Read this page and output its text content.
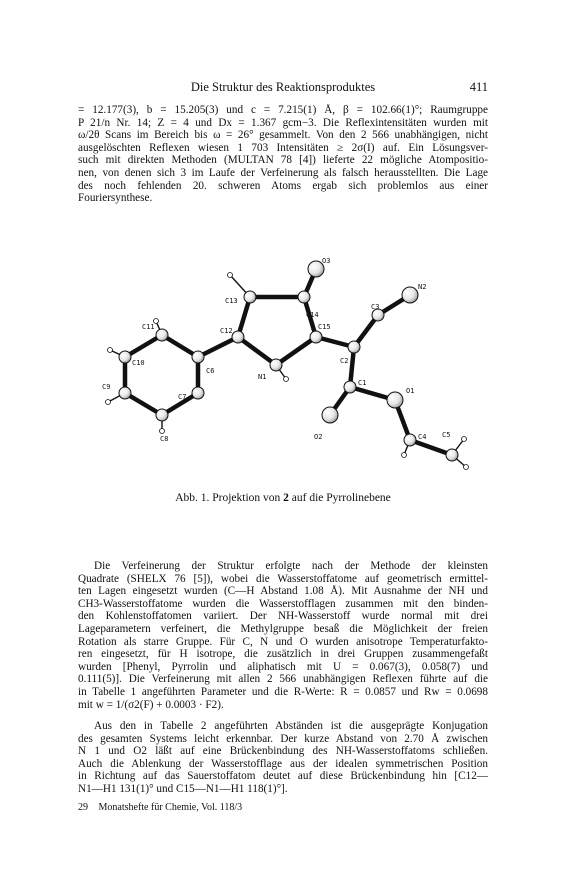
Die Struktur des Reaktionsproduktes	411

= 12.177(3), b = 15.205(3) und c = 7.215(1) Å, β = 102.66(1)°; Raumgruppe
P 21/n Nr. 14; Z = 4 und Dx = 1.367 gcm−3. Die Reflexintensitäten wurden mit
ω/2θ Scans im Bereich bis ω = 26° gesammelt. Von den 2 566 unabhängigen, nicht
ausgelöschten Reflexen wiesen 1 703 Intensitäten ≥ 2σ(I) auf. Ein Lösungsver-
such mit direkten Methoden (MULTAN 78 [4]) lieferte 22 mögliche Atompositio-
nen, von denen sich 3 im Laufe der Verfeinerung als falsch herausstellten. Die Lage
des noch fehlenden 20. schweren Atoms ergab sich problemlos aus einer
Fouriersynthese.

O3
N2
C13
C14
C3
C11	C12	C15
C2
C10
C6
N1
C1
O1
C9
C7
C4
C8	O2	C5
Abb. 1. Projektion von 2 auf die Pyrrolinebene

Die Verfeinerung der Struktur erfolgte nach der Methode der kleinsten
Quadrate (SHELX 76 [5]), wobei die Wasserstoffatome auf geometrisch ermittel-
ten Lagen eingesetzt wurden (C—H Abstand 1.08 Å). Mit Ausnahme der NH und
CH3-Wasserstoffatome wurden die Wasserstofflagen zusammen mit den binden-
den Kohlenstoffatomen variiert. Der NH-Wasserstoff wurde normal mit drei
Lageparametern verfeinert, die Methylgruppe besaß die Möglichkeit der freien
Rotation als starre Gruppe. Für C, N und O wurden anisotrope Temperaturfakto-
ren eingesetzt, für H isotrope, die zusätzlich in drei Gruppen zusammengefaßt
wurden [Phenyl, Pyrrolin und aliphatisch mit U = 0.067(3), 0.058(7) und
0.111(5)]. Die Verfeinerung mit allen 2 566 unabhängigen Reflexen führte auf die
in Tabelle 1 angeführten Parameter und die R-Werte: R = 0.0857 und Rw = 0.0698
mit w = 1/(σ2(F) + 0.0003 · F2).

Aus den in Tabelle 2 angeführten Abständen ist die ausgeprägte Konjugation
des gesamten Systems leicht erkennbar. Der kurze Abstand von 2.70 Å zwischen
N 1 und O2 läßt auf eine Brückenbindung des NH-Wasserstoffatoms schließen.
Auch die Ablenkung der Wasserstofflage aus der idealen symmetrischen Position
in Richtung auf das Sauerstoffatom deutet auf diese Brückenbindung hin [C12—
N1—H1 131(1)° und C15—N1—H1 118(1)°].

29 Monatshefte für Chemie, Vol. 118/3
